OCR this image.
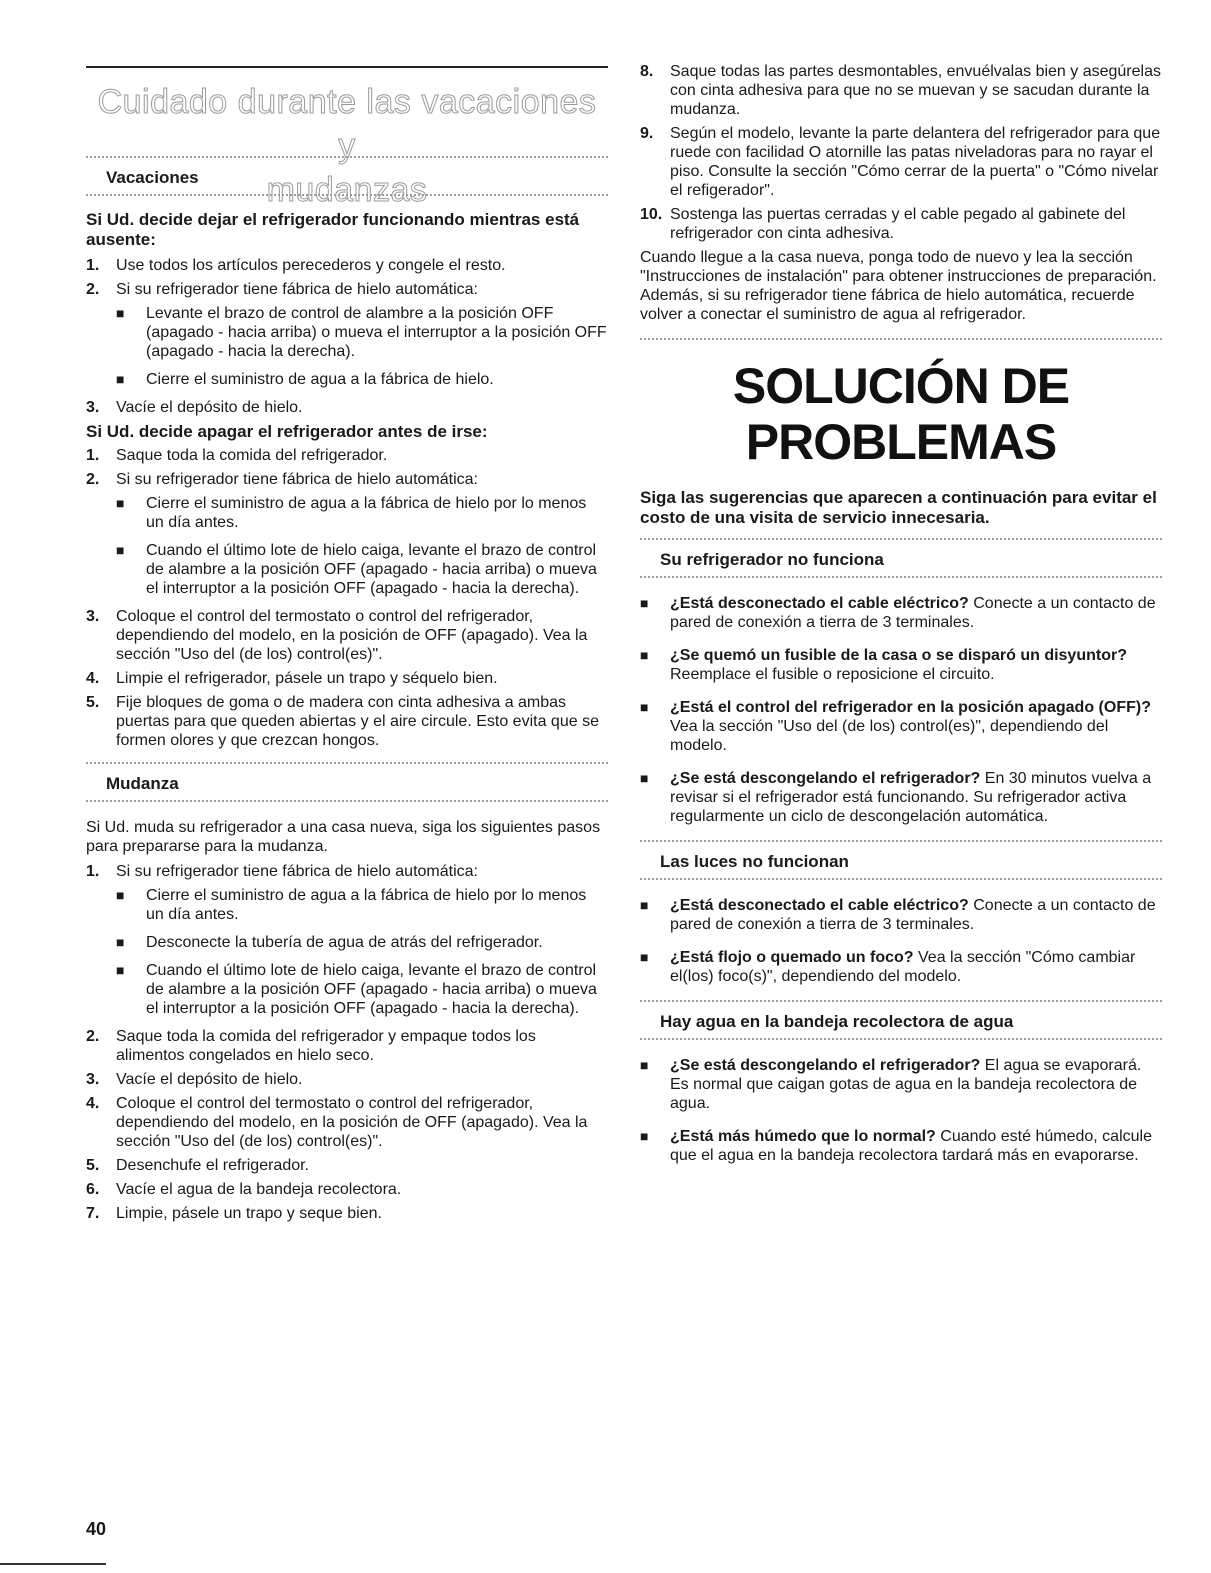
Cuidado durante las vacaciones y
mudanzas
Vacaciones
Si Ud. decide dejar el refrigerador funcionando mientras está ausente:
1. Use todos los artículos perecederos y congele el resto.
2. Si su refrigerador tiene fábrica de hielo automática:
■ Levante el brazo de control de alambre a la posición OFF (apagado - hacia arriba) o mueva el interruptor a la posición OFF (apagado - hacia la derecha).
■ Cierre el suministro de agua a la fábrica de hielo.
3. Vacíe el depósito de hielo.
Si Ud. decide apagar el refrigerador antes de irse:
1. Saque toda la comida del refrigerador.
2. Si su refrigerador tiene fábrica de hielo automática:
■ Cierre el suministro de agua a la fábrica de hielo por lo menos un día antes.
■ Cuando el último lote de hielo caiga, levante el brazo de control de alambre a la posición OFF (apagado - hacia arriba) o mueva el interruptor a la posición OFF (apagado - hacia la derecha).
3. Coloque el control del termostato o control del refrigerador, dependiendo del modelo, en la posición de OFF (apagado). Vea la sección "Uso del (de los) control(es)".
4. Limpie el refrigerador, pásele un trapo y séquelo bien.
5. Fije bloques de goma o de madera con cinta adhesiva a ambas puertas para que queden abiertas y el aire circule. Esto evita que se formen olores y que crezcan hongos.
Mudanza
Si Ud. muda su refrigerador a una casa nueva, siga los siguientes pasos para prepararse para la mudanza.
1. Si su refrigerador tiene fábrica de hielo automática:
■ Cierre el suministro de agua a la fábrica de hielo por lo menos un día antes.
■ Desconecte la tubería de agua de atrás del refrigerador.
■ Cuando el último lote de hielo caiga, levante el brazo de control de alambre a la posición OFF (apagado - hacia arriba) o mueva el interruptor a la posición OFF (apagado - hacia la derecha).
2. Saque toda la comida del refrigerador y empaque todos los alimentos congelados en hielo seco.
3. Vacíe el depósito de hielo.
4. Coloque el control del termostato o control del refrigerador, dependiendo del modelo, en la posición de OFF (apagado). Vea la sección "Uso del (de los) control(es)".
5. Desenchufe el refrigerador.
6. Vacíe el agua de la bandeja recolectora.
7. Limpie, pásele un trapo y seque bien.
8. Saque todas las partes desmontables, envuélvalas bien y asegúrelas con cinta adhesiva para que no se muevan y se sacudan durante la mudanza.
9. Según el modelo, levante la parte delantera del refrigerador para que ruede con facilidad O atornille las patas niveladoras para no rayar el piso. Consulte la sección "Cómo cerrar de la puerta" o "Cómo nivelar el refigerador".
10. Sostenga las puertas cerradas y el cable pegado al gabinete del refrigerador con cinta adhesiva.
Cuando llegue a la casa nueva, ponga todo de nuevo y lea la sección "Instrucciones de instalación" para obtener instrucciones de preparación. Además, si su refrigerador tiene fábrica de hielo automática, recuerde volver a conectar el suministro de agua al refrigerador.
SOLUCIÓN DE
PROBLEMAS
Siga las sugerencias que aparecen a continuación para evitar el costo de una visita de servicio innecesaria.
Su refrigerador no funciona
■ ¿Está desconectado el cable eléctrico? Conecte a un contacto de pared de conexión a tierra de 3 terminales.
■ ¿Se quemó un fusible de la casa o se disparó un disyuntor? Reemplace el fusible o reposicione el circuito.
■ ¿Está el control del refrigerador en la posición apagado (OFF)? Vea la sección "Uso del (de los) control(es)", dependiendo del modelo.
■ ¿Se está descongelando el refrigerador? En 30 minutos vuelva a revisar si el refrigerador está funcionando. Su refrigerador activa regularmente un ciclo de descongelación automática.
Las luces no funcionan
■ ¿Está desconectado el cable eléctrico? Conecte a un contacto de pared de conexión a tierra de 3 terminales.
■ ¿Está flojo o quemado un foco? Vea la sección "Cómo cambiar el(los) foco(s)", dependiendo del modelo.
Hay agua en la bandeja recolectora de agua
■ ¿Se está descongelando el refrigerador? El agua se evaporará. Es normal que caigan gotas de agua en la bandeja recolectora de agua.
■ ¿Está más húmedo que lo normal? Cuando esté húmedo, calcule que el agua en la bandeja recolectora tardará más en evaporarse.
40
